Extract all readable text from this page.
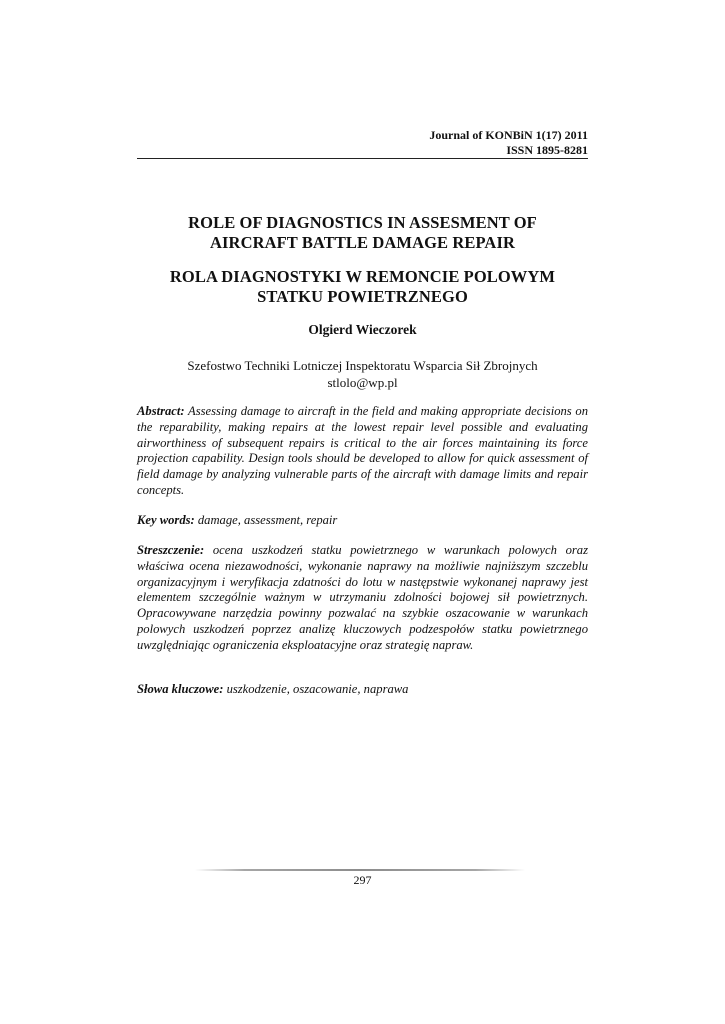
Journal of KONBiN 1(17) 2011
ISSN 1895-8281
ROLE OF DIAGNOSTICS IN ASSESMENT OF
AIRCRAFT BATTLE DAMAGE REPAIR
ROLA DIAGNOSTYKI W REMONCIE POLOWYM
STATKU POWIETRZNEGO
Olgierd Wieczorek
Szefostwo Techniki Lotniczej Inspektoratu Wsparcia Sił Zbrojnych
stlolo@wp.pl
Abstract: Assessing damage to aircraft in the field and making appropriate decisions on the reparability, making repairs at the lowest repair level possible and evaluating airworthiness of subsequent repairs is critical to the air forces maintaining its force projection capability. Design tools should be developed to allow for quick assessment of field damage by analyzing vulnerable parts of the aircraft with damage limits and repair concepts.
Key words: damage, assessment, repair
Streszczenie: ocena uszkodzeń statku powietrznego w warunkach polowych oraz właściwa ocena niezawodności, wykonanie naprawy na możliwie najniższym szczeblu organizacyjnym i weryfikacja zdatności do lotu w następstwie wykonanej naprawy jest elementem szczególnie ważnym w utrzymaniu zdolności bojowej sił powietrznych. Opracowywane narzędzia powinny pozwalać na szybkie oszacowanie w warunkach polowych uszkodzeń poprzez analizę kluczowych podzespołów statku powietrznego uwzględniając ograniczenia eksploatacyjne oraz strategię napraw.
Słowa kluczowe: uszkodzenie, oszacowanie, naprawa
297
